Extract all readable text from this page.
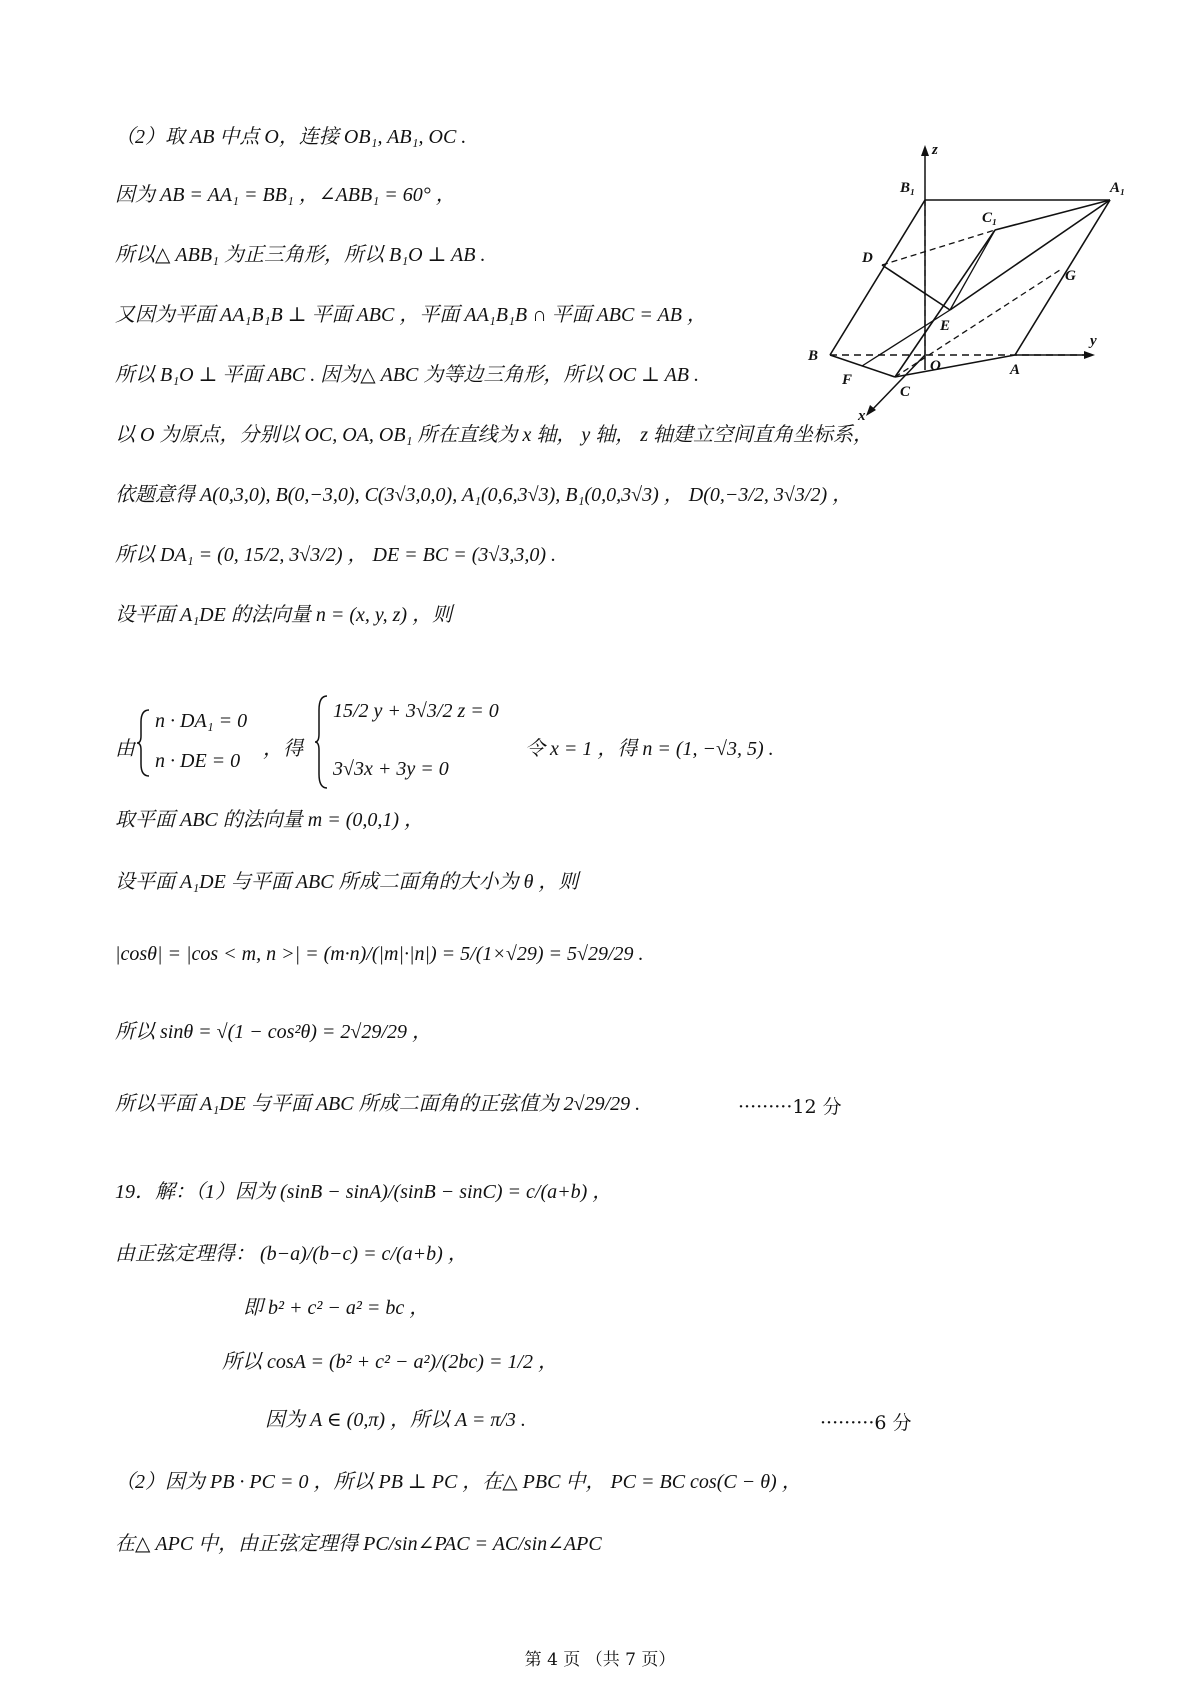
（2）取 AB 中点 O，连接 OB₁, AB₁, OC .
因为 AB = AA₁ = BB₁ ，∠ABB₁ = 60° ，
所以△ ABB₁ 为正三角形，所以 B₁O ⊥ AB .
又因为平面 AA₁B₁B ⊥ 平面 ABC ，平面 AA₁B₁B ∩ 平面 ABC = AB ，
所以 B₁O ⊥ 平面 ABC . 因为△ ABC 为等边三角形，所以 OC ⊥ AB .
以 O 为原点，分别以 OC, OA, OB₁ 所在直线为 x 轴， y 轴， z 轴建立空间直角坐标系，
依题意得 A(0,3,0), B(0,−3,0), C(3√3,0,0), A₁(0,6,3√3), B₁(0,0,3√3) ， D(0,−3/2, 3√3/2) ，
所以 DA₁ = (0, 15/2, 3√3/2) ， DE = BC = (3√3,3,0) .
设平面 A₁DE 的法向量 n = (x, y, z) ，则
由
n · DA₁ = 0
n · DE = 0
，得
15/2 y + 3√3/2 z = 0
3√3x + 3y = 0
令 x = 1 ，得 n = (1, −√3, 5) .
取平面 ABC 的法向量 m = (0,0,1) ，
设平面 A₁DE 与平面 ABC 所成二面角的大小为 θ ，则
|cosθ| = |cos < m, n >| = (m·n)/(|m|·|n|) = 5/(1×√29) = 5√29/29 .
所以 sinθ = √(1 − cos²θ) = 2√29/29 ，
所以平面 A₁DE 与平面 ABC 所成二面角的正弦值为 2√29/29 .	·········12 分
19．解：（1）因为 (sinB − sinA)/(sinB − sinC) = c/(a+b) ，
由正弦定理得： (b−a)/(b−c) = c/(a+b) ，
即 b² + c² − a² = bc ，
所以 cosA = (b² + c² − a²)/(2bc) = 1/2 ，
因为 A ∈ (0,π) ，所以 A = π/3 .	·········6 分
（2）因为 PB · PC = 0 ，所以 PB ⊥ PC ，在△ PBC 中， PC = BC cos(C − θ) ，
在△ APC 中，由正弦定理得 PC/sin∠PAC = AC/sin∠APC
z
y
x
B₁	A₁
C₁
D
E
G
B
O	A
F
C
第 4 页 （共 7 页）
